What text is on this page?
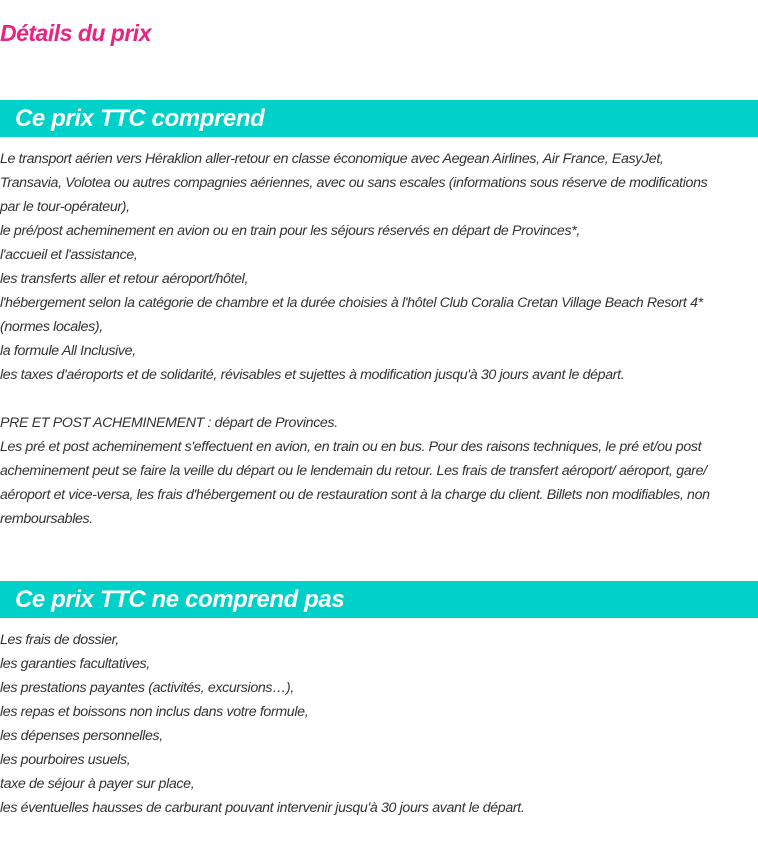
Détails du prix
Ce prix TTC comprend
Le transport aérien vers Héraklion aller-retour en classe économique avec Aegean Airlines, Air France, EasyJet,
Transavia, Volotea ou autres compagnies aériennes, avec ou sans escales (informations sous réserve de modifications
par le tour-opérateur),
le pré/post acheminement en avion ou en train pour les séjours réservés en départ de Provinces*,
l'accueil et l'assistance,
les transferts aller et retour aéroport/hôtel,
l'hébergement selon la catégorie de chambre et la durée choisies à l'hôtel Club Coralia Cretan Village Beach Resort 4*
(normes locales),
la formule All Inclusive,
les taxes d'aéroports et de solidarité, révisables et sujettes à modification jusqu'à 30 jours avant le départ.
PRE ET POST ACHEMINEMENT : départ de Provinces.
Les pré et post acheminement s'effectuent en avion, en train ou en bus. Pour des raisons techniques, le pré et/ou post
acheminement peut se faire la veille du départ ou le lendemain du retour. Les frais de transfert aéroport/ aéroport, gare/
aéroport et vice-versa, les frais d'hébergement ou de restauration sont à la charge du client. Billets non modifiables, non
remboursables.
Ce prix TTC ne comprend pas
Les frais de dossier,
les garanties facultatives,
les prestations payantes (activités, excursions…),
les repas et boissons non inclus dans votre formule,
les dépenses personnelles,
les pourboires usuels,
taxe de séjour à payer sur place,
les éventuelles hausses de carburant pouvant intervenir jusqu'à 30 jours avant le départ.
